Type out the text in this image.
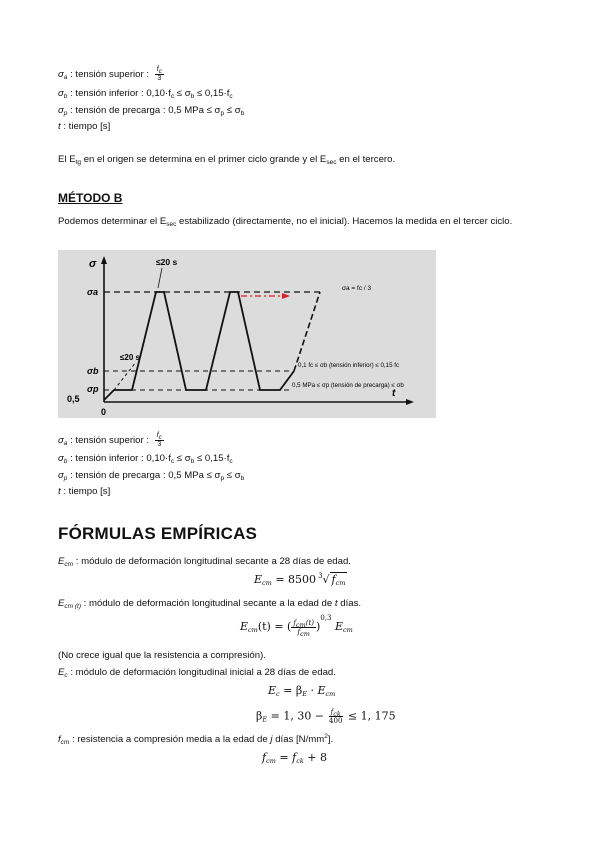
$\sigma_a$ : tensión superior : $\frac{f_c}{3}$
$\sigma_b$ : tensión inferior : $0,10\cdot f_c \le \sigma_b \le 0,15\cdot f_c$
$\sigma_p$ : tensión de precarga : 0,5 MPa ≤ $\sigma_p \le \sigma_b$
t : tiempo [s]
El $E_{tg}$ en el origen se determina en el primer ciclo grande y el $E_{sec}$ en el tercero.
MÉTODO B
Podemos determinar el $E_{sec}$ estabilizado (directamente, no el inicial). Hacemos la medida en el tercer ciclo.
σ
t
0
0,5
σa
σb
σp
≤20 s
≤20 s
σa = fc / 3
0,1 fc ≤ σb (tensión inferior) ≤ 0,15 fc
0,5 MPa ≤ σp (tensión de precarga) ≤ σb
$\sigma_a$ : tensión superior : $\frac{f_c}{3}$
$\sigma_b$ : tensión inferior : $0,10\cdot f_c \le \sigma_b \le 0,15\cdot f_c$
$\sigma_p$ : tensión de precarga : 0,5 MPa ≤ $\sigma_p \le \sigma_b$
t : tiempo [s]
FÓRMULAS EMPÍRICAS
$E_{cm}$ : módulo de deformación longitudinal secante a 28 días de edad.
$E_{cm} = 8500$ $^3$√ $f_{cm}$
$E_{cm (t)}$ : módulo de deformación longitudinal secante a la edad de t días.
$E_{cm}(t)$ = ( $\frac{f_{cm}(t)}{f_{cm}} )^{0,3}$ $E_{cm}$
(No crece igual que la resistencia a compresión).
$E_c$ : módulo de deformación longitudinal inicial a 28 días de edad.
$E_c = \beta_E \cdot E_{cm}$
$\beta_E = 1$, $30 - \frac{f_{ck}}{400} \le 1$, 175
$f_{cm}$ : resistencia a compresión media a la edad de j días $[N/mm^2]$.
$f_{cm} = f_{ck} + 8$
